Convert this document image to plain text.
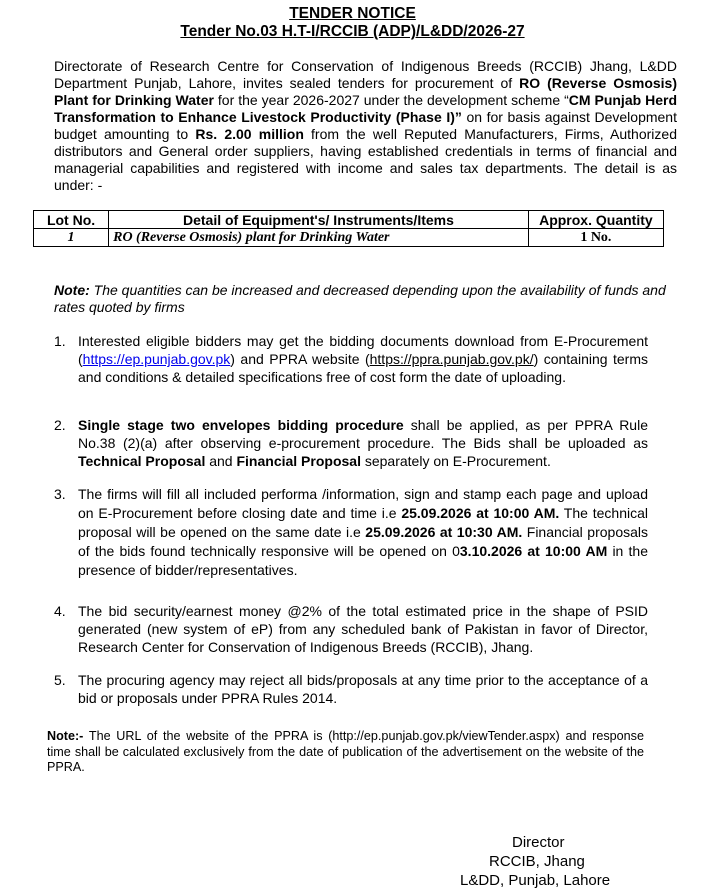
TENDER NOTICE
Tender No.03 H.T-I/RCCIB (ADP)/L&DD/2026-27

Directorate of Research Centre for Conservation of Indigenous Breeds (RCCIB) Jhang, L&DD Department Punjab, Lahore, invites sealed tenders for procurement of RO (Reverse Osmosis) Plant for Drinking Water for the year 2026-2027 under the development scheme “CM Punjab Herd Transformation to Enhance Livestock Productivity (Phase I)” on for basis against Development budget amounting to Rs. 2.00 million from the well Reputed Manufacturers, Firms, Authorized distributors and General order suppliers, having established credentials in terms of financial and managerial capabilities and registered with income and sales tax departments. The detail is as under: -

Lot No.	Detail of Equipment's/ Instruments/Items	Approx. Quantity
1	RO (Reverse Osmosis) plant for Drinking Water	1 No.

Note: The quantities can be increased and decreased depending upon the availability of funds and rates quoted by firms

1. Interested eligible bidders may get the bidding documents download from E-Procurement (https://ep.punjab.gov.pk) and PPRA website (https://ppra.punjab.gov.pk/) containing terms and conditions & detailed specifications free of cost form the date of uploading.
2. Single stage two envelopes bidding procedure shall be applied, as per PPRA Rule No.38 (2)(a) after observing e-procurement procedure. The Bids shall be uploaded as Technical Proposal and Financial Proposal separately on E-Procurement.
3. The firms will fill all included performa /information, sign and stamp each page and upload on E-Procurement before closing date and time i.e 25.09.2026 at 10:00 AM. The technical proposal will be opened on the same date i.e 25.09.2026 at 10:30 AM. Financial proposals of the bids found technically responsive will be opened on 03.10.2026 at 10:00 AM in the presence of bidder/representatives.
4. The bid security/earnest money @2% of the total estimated price in the shape of PSID generated (new system of eP) from any scheduled bank of Pakistan in favor of Director, Research Center for Conservation of Indigenous Breeds (RCCIB), Jhang.
5. The procuring agency may reject all bids/proposals at any time prior to the acceptance of a bid or proposals under PPRA Rules 2014.

Note:- The URL of the website of the PPRA is (http://ep.punjab.gov.pk/viewTender.aspx) and response time shall be calculated exclusively from the date of publication of the advertisement on the website of the PPRA.

Director
RCCIB, Jhang
L&DD, Punjab, Lahore
